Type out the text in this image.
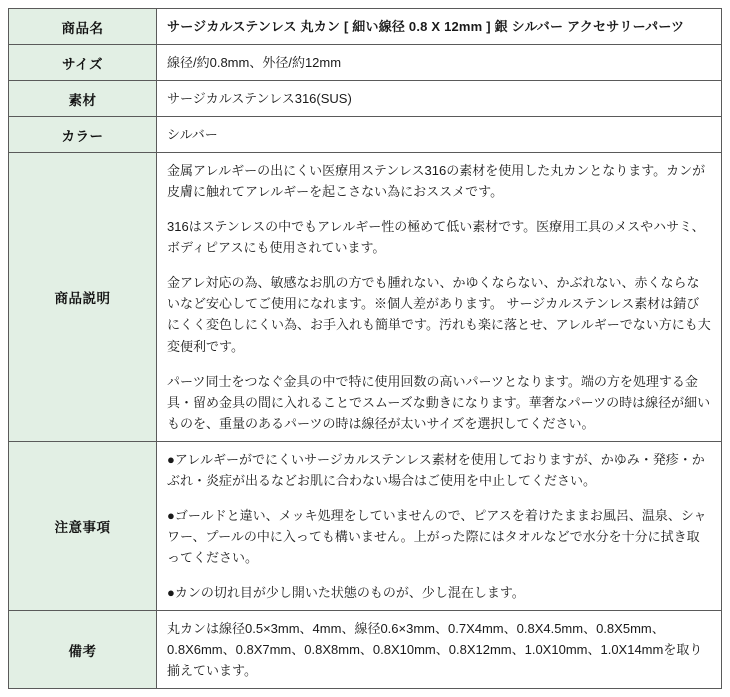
商品名	サージカルステンレス 丸カン [ 細い線径 0.8 X 12mm ] 銀 シルバー アクセサリーパーツ
サイズ	線径/約0.8mm、外径/約12mm
素材	サージカルステンレス316(SUS)
カラー	シルバー
商品説明	金属アレルギーの出にくい医療用ステンレス316の素材を使用した丸カンとなります。カンが皮膚に触れてアレルギーを起こさない為におススメです。

316はステンレスの中でもアレルギー性の極めて低い素材です。医療用工具のメスやハサミ、ボディピアスにも使用されています。

金アレ対応の為、敏感なお肌の方でも腫れない、かゆくならない、かぶれない、赤くならないなど安心してご使用になれます。※個人差があります。 サージカルステンレス素材は錆びにくく変色しにくい為、お手入れも簡単です。汚れも楽に落とせ、アレルギーでない方にも大変便利です。

パーツ同士をつなぐ金具の中で特に使用回数の高いパーツとなります。端の方を処理する金具・留め金具の間に入れることでスムーズな動きになります。華奢なパーツの時は線径が細いものを、重量のあるパーツの時は線径が太いサイズを選択してください。

注意事項	●アレルギーがでにくいサージカルステンレス素材を使用しておりますが、かゆみ・発疹・かぶれ・炎症が出るなどお肌に合わない場合はご使用を中止してください。

●ゴールドと違い、メッキ処理をしていませんので、ピアスを着けたままお風呂、温泉、シャワー、プールの中に入っても構いません。上がった際にはタオルなどで水分を十分に拭き取ってください。

●カンの切れ目が少し開いた状態のものが、少し混在します。

備考	丸カンは線径0.5×3mm、4mm、線径0.6×3mm、0.7X4mm、0.8X4.5mm、0.8X5mm、0.8X6mm、0.8X7mm、0.8X8mm、0.8X10mm、0.8X12mm、1.0X10mm、1.0X14mmを取り揃えています。
